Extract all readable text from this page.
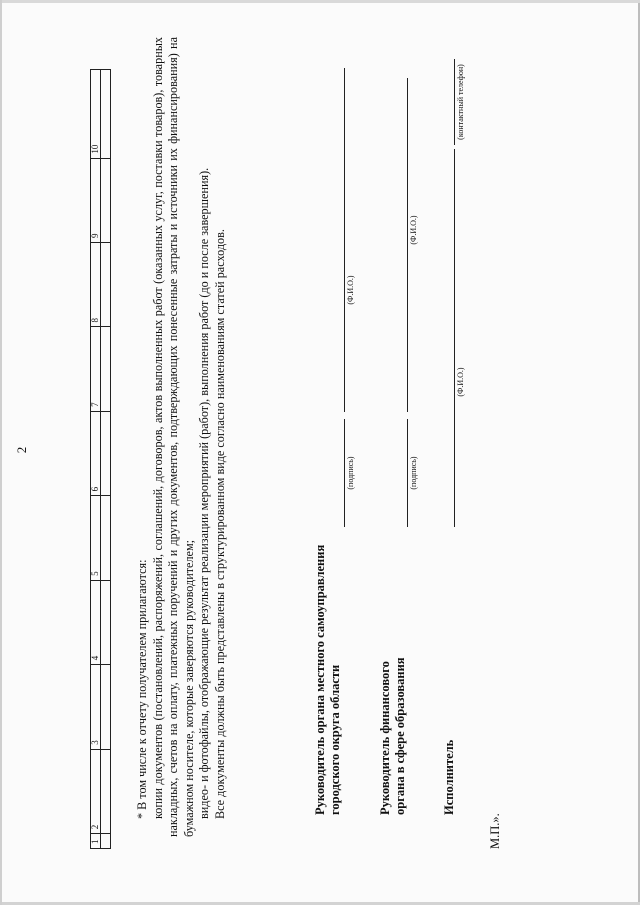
2
1	2	3	4	5	6	7	8	9	10

* В том числе к отчету получателем прилагаются: копии документов (постановлений, распоряжений, соглашений, договоров, актов выполненных работ (оказанных услуг, поставки товаров), товарных накладных, счетов на оплату, платежных поручений и других документов, подтверждающих понесенные затраты и источники их финансирования) на бумажном носителе, которые заверяются руководителем; видео- и фотофайлы, отображающие результат реализации мероприятий (работ), выполнения работ (до и после завершения). Все документы должны быть представлены в структурированном виде согласно наименованиям статей расходов.	Руководитель органа местного самоуправления городского округа области
(подпись)
(Ф.И.О.)
Руководитель финансового органа в сфере образования
(подпись)
(Ф.И.О.)
Исполнитель
(Ф.И.О.)
(контактный телефон)
М.П.».
